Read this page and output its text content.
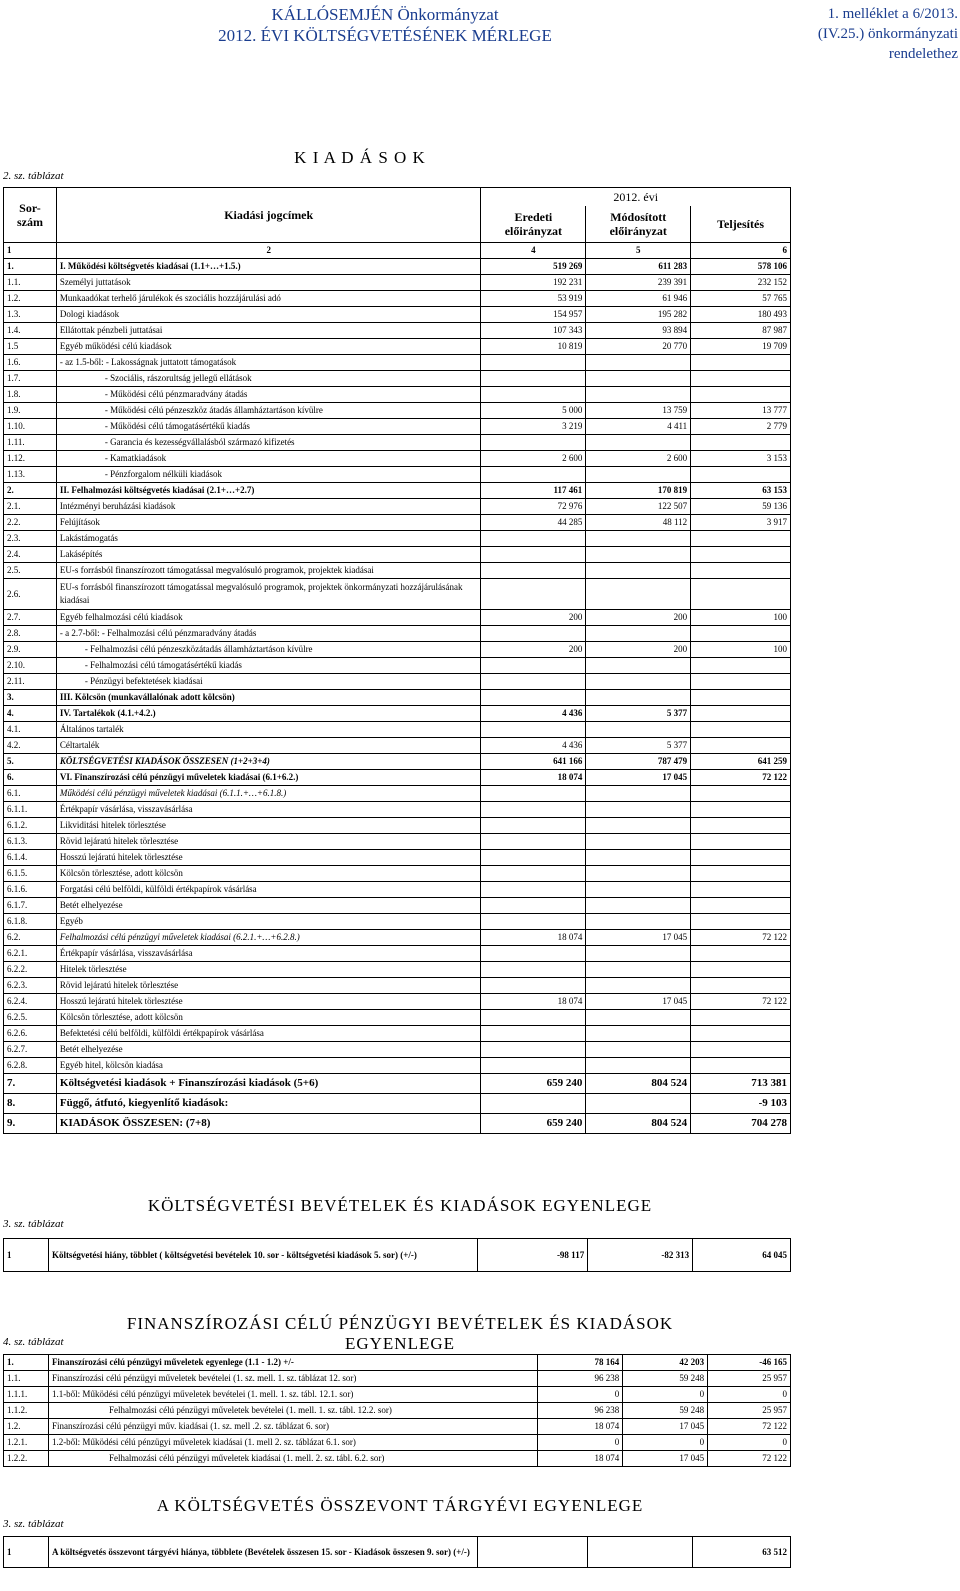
KÁLLÓSEMJÉN Önkormányzat
2012. ÉVI KÖLTSÉGVETÉSÉNEK MÉRLEGE
1. melléklet a 6/2013.
(IV.25.) önkormányzati
rendelethez
K I A D Á S O K
2. sz. táblázat
Sor-szám	Kiadási jogcímek	2012. évi		
		Eredeti előirányzat	Módosított előirányzat	Teljesítés
1	2	4	5	6
1.	I. Működési költségvetés kiadásai (1.1+…+1.5.)	519 269	611 283	578 106
1.1.	Személyi juttatások	192 231	239 391	232 152
1.2.	Munkaadókat terhelő járulékok és szociális hozzájárulási adó	53 919	61 946	57 765
1.3.	Dologi kiadások	154 957	195 282	180 493
1.4.	Ellátottak pénzbeli juttatásai	107 343	93 894	87 987
1.5	Egyéb működési célú kiadások	10 819	20 770	19 709
1.6.	- az 1.5-ből: - Lakosságnak juttatott támogatások			
1.7.	- Szociális, rászorultság jellegű ellátások			
1.8.	- Működési célú pénzmaradvány átadás			
1.9.	- Működési célú pénzeszköz átadás államháztartáson kívülre	5 000	13 759	13 777
1.10.	- Működési célú támogatásértékű kiadás	3 219	4 411	2 779
1.11.	- Garancia és kezességvállalásból származó kifizetés			
1.12.	- Kamatkiadások	2 600	2 600	3 153
1.13.	- Pénzforgalom nélküli kiadások			
2.	II. Felhalmozási költségvetés kiadásai (2.1+…+2.7)	117 461	170 819	63 153
2.1.	Intézményi beruházási kiadások	72 976	122 507	59 136
2.2.	Felújítások	44 285	48 112	3 917
2.3.	Lakástámogatás			
2.4.	Lakásépítés			
2.5.	EU-s forrásból finanszírozott támogatással megvalósuló programok, projektek kiadásai			
2.6.	EU-s forrásból finanszírozott támogatással megvalósuló programok, projektek önkormányzati hozzájárulásának kiadásai			
2.7.	Egyéb felhalmozási célú kiadások	200	200	100
2.8.	- a 2.7-ből: - Felhalmozási célú pénzmaradvány átadás			
2.9.	- Felhalmozási célú pénzeszközátadás államháztartáson kívülre	200	200	100
2.10.	- Felhalmozási célú támogatásértékű kiadás			
2.11.	- Pénzügyi befektetések kiadásai			
3.	III. Kölcsön (munkavállalónak adott kölcsön)			
4.	IV. Tartalékok (4.1.+4.2.)	4 436	5 377	
4.1.	Általános tartalék			
4.2.	Céltartalék	4 436	5 377	
5.	KÖLTSÉGVETÉSI KIADÁSOK ÖSSZESEN (1+2+3+4)	641 166	787 479	641 259
6.	VI. Finanszírozási célú pénzügyi műveletek kiadásai (6.1+6.2.)	18 074	17 045	72 122
6.1.	Működési célú pénzügyi műveletek kiadásai (6.1.1.+…+6.1.8.)			
6.1.1.	Értékpapír vásárlása, visszavásárlása			
6.1.2.	Likviditási hitelek törlesztése			
6.1.3.	Rövid lejáratú hitelek törlesztése			
6.1.4.	Hosszú lejáratú hitelek törlesztése			
6.1.5.	Kölcsön törlesztése, adott kölcsön			
6.1.6.	Forgatási célú belföldi, külföldi értékpapírok vásárlása			
6.1.7.	Betét elhelyezése			
6.1.8.	Egyéb			
6.2.	Felhalmozási célú pénzügyi műveletek kiadásai (6.2.1.+…+6.2.8.)	18 074	17 045	72 122
6.2.1.	Értékpapír vásárlása, visszavásárlása			
6.2.2.	Hitelek törlesztése			
6.2.3.	Rövid lejáratú hitelek törlesztése			
6.2.4.	Hosszú lejáratú hitelek törlesztése	18 074	17 045	72 122
6.2.5.	Kölcsön törlesztése, adott kölcsön			
6.2.6.	Befektetési célú belföldi, külföldi értékpapírok vásárlása			
6.2.7.	Betét elhelyezése			
6.2.8.	Egyéb hitel, kölcsön kiadása			
7.	Költségvetési kiadások + Finanszírozási kiadások (5+6)	659 240	804 524	713 381
8.	Függő, átfutó, kiegyenlítő kiadások:			-9 103
9.	KIADÁSOK ÖSSZESEN: (7+8)	659 240	804 524	704 278
KÖLTSÉGVETÉSI BEVÉTELEK ÉS KIADÁSOK EGYENLEGE
3. sz. táblázat
1	Költségvetési hiány, többlet ( költségvetési bevételek 10. sor - költségvetési kiadások 5. sor) (+/-)	-98 117	-82 313	64 045
FINANSZÍROZÁSI CÉLÚ PÉNZÜGYI BEVÉTELEK ÉS KIADÁSOK EGYENLEGE
4. sz. táblázat
1.	Finanszírozási célú pénzügyi műveletek egyenlege (1.1 - 1.2) +/-	78 164	42 203	-46 165
1.1.	Finanszírozási célú pénzügyi műveletek bevételei (1. sz. mell. 1. sz. táblázat 12. sor)	96 238	59 248	25 957
1.1.1.	1.1-ből: Működési célú pénzügyi műveletek bevételei (1. mell. 1. sz. tábl. 12.1. sor)	0	0	0
1.1.2.	Felhalmozási célú pénzügyi műveletek bevételei (1. mell. 1. sz. tábl. 12.2. sor)	96 238	59 248	25 957
1.2.	Finanszírozási célú pénzügyi műv. kiadásai (1. sz. mell .2. sz. táblázat 6. sor)	18 074	17 045	72 122
1.2.1.	1.2-ből: Működési célú pénzügyi műveletek kiadásai (1. mell 2. sz. táblázat 6.1. sor)	0	0	0
1.2.2.	Felhalmozási célú pénzügyi műveletek kiadásai (1. mell. 2. sz. tábl. 6.2. sor)	18 074	17 045	72 122
A KÖLTSÉGVETÉS ÖSSZEVONT TÁRGYÉVI EGYENLEGE
3. sz. táblázat
1	A költségvetés összevont tárgyévi hiánya, többlete (Bevételek összesen 15. sor - Kiadások összesen 9. sor) (+/-)			63 512
